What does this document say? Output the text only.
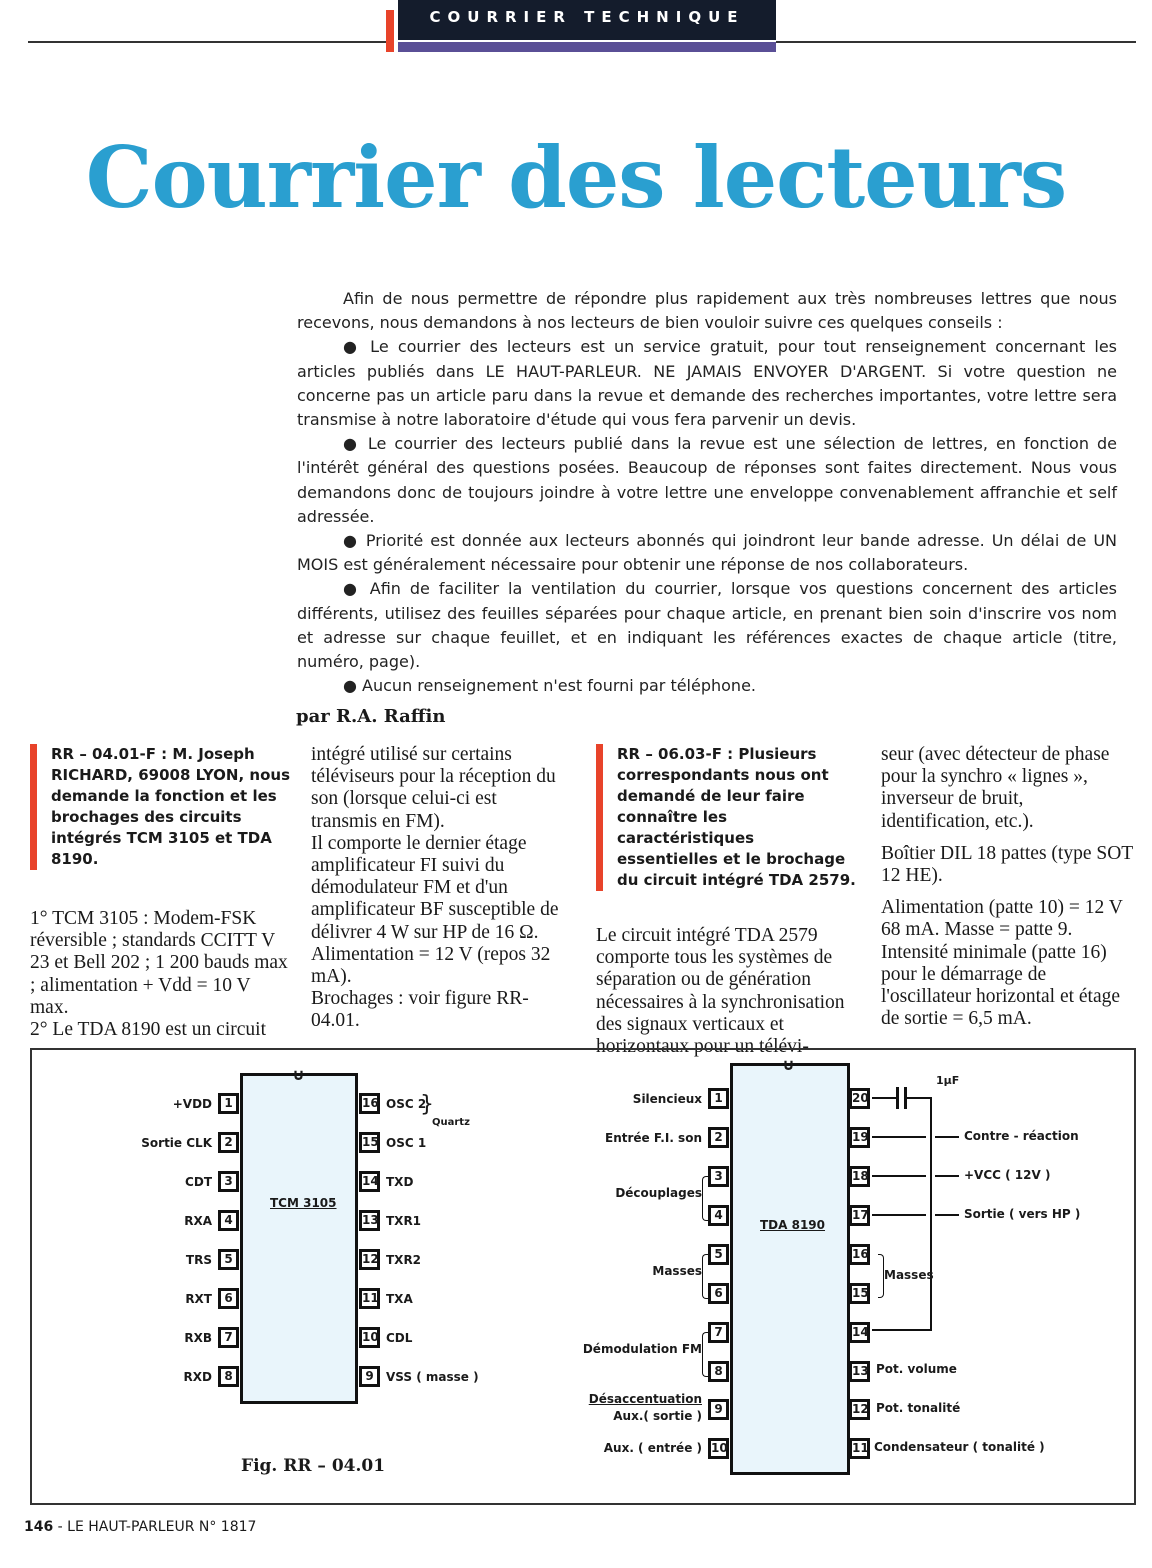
COURRIER TECHNIQUE
Courrier des lecteurs

Afin de nous permettre de répondre plus rapidement aux très nombreuses lettres que nous recevons, nous demandons à nos lecteurs de bien vouloir suivre ces quelques conseils :

● Le courrier des lecteurs est un service gratuit, pour tout renseignement concernant les articles publiés dans LE HAUT-PARLEUR. NE JAMAIS ENVOYER D'ARGENT. Si votre question ne concerne pas un article paru dans la revue et demande des recherches importantes, votre lettre sera transmise à notre laboratoire d'étude qui vous fera parvenir un devis.

● Le courrier des lecteurs publié dans la revue est une sélection de lettres, en fonction de l'intérêt général des questions posées. Beaucoup de réponses sont faites directement. Nous vous demandons donc de toujours joindre à votre lettre une enveloppe convenablement affranchie et self adressée.

● Priorité est donnée aux lecteurs abonnés qui joindront leur bande adresse. Un délai de UN MOIS est généralement nécessaire pour obtenir une réponse de nos collaborateurs.

● Afin de faciliter la ventilation du courrier, lorsque vos questions concernent des articles différents, utilisez des feuilles séparées pour chaque article, en prenant bien soin d'inscrire vos nom et adresse sur chaque feuillet, et en indiquant les références exactes de chaque article (titre, numéro, page).

● Aucun renseignement n'est fourni par téléphone.

par R.A. Raffin
RR – 04.01-F : M. Joseph RICHARD, 69008 LYON, nous demande la fonction et les brochages des circuits intégrés TCM 3105 et TDA 8190.

1° TCM 3105 : Modem-FSK réversible ; standards CCITT V 23 et Bell 202 ; 1 200 bauds max ; alimentation + Vdd = 10 V max.

2° Le TDA 8190 est un circuit

intégré utilisé sur certains téléviseurs pour la réception du son (lorsque celui-ci est transmis en FM).

Il comporte le dernier étage amplificateur FI suivi du démodulateur FM et d'un amplificateur BF susceptible de délivrer 4 W sur HP de 16 Ω.

Alimentation = 12 V (repos 32 mA).

Brochages : voir figure RR-04.01.

RR – 06.03-F : Plusieurs correspondants nous ont demandé de leur faire connaître les caractéristiques essentielles et le brochage du circuit intégré TDA 2579.

Le circuit intégré TDA 2579 comporte tous les systèmes de séparation ou de génération nécessaires à la synchronisation des signaux verticaux et horizontaux pour un télévi-

seur (avec détecteur de phase pour la synchro « lignes », inverseur de bruit, identification, etc.).

Boîtier DIL 18 pattes (type SOT 12 HE).

Alimentation (patte 10) = 12 V 68 mA. Masse = patte 9. Intensité minimale (patte 16) pour le démarrage de l'oscillateur horizontal et étage de sortie = 6,5 mA.

TCM 3105
∪
1
+VDD	16 OSC 2
2
Sortie CLK	15 OSC 1
3
CDT	14 TXD
4
RXA	13 TXR1
5
TRS	12 TXR2
6
RXT	11 TXA
7
RXB	10 CDL
8
RXD	9	VSS ( masse )
}
Quartz
TDA 8190
∪
1	20
2	19
3	18
4	17
5	16
6	15
7	14
8	13
9	12
10	11
Silencieux
Entrée F.I. son
Découplages
Masses
Démodulation FM
Désaccentuation
Aux.( sortie )
Aux. ( entrée )
1µF
Contre - réaction
+VCC ( 12V )
Sortie ( vers HP )
Masses
Pot. volume
Pot. tonalité
Condensateur ( tonalité )
Fig. RR – 04.01
146 - LE HAUT-PARLEUR N° 1817
